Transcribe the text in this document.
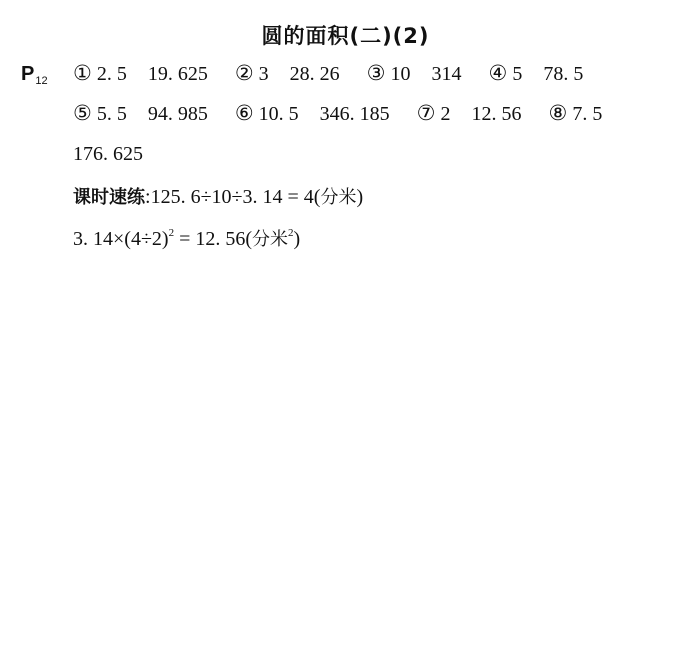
圆的面积(二)(2)
$P_{12}$ ① 2. 5 19. 625 ② 3 28. 26 ③ 10 314 ④ 5 78. 5
⑤ 5. 5 94. 985 ⑥ 10. 5 346. 185 ⑦ 2 12. 56 ⑧ 7. 5
176. 625
课时速练:125. 6÷10÷3. 14 = 4(分米)
3. $14\times(4\div 2)^2 = 12$. 56(分米$^2$)
